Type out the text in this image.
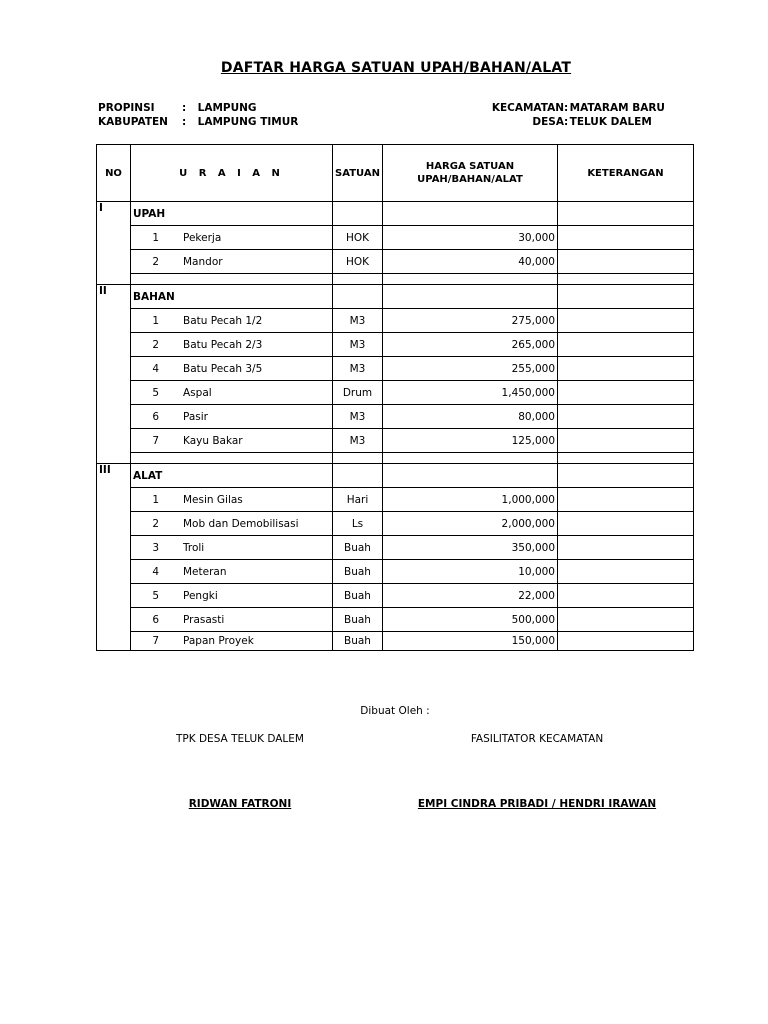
DAFTAR HARGA SATUAN UPAH/BAHAN/ALAT
PROPINSI	: LAMPUNG
KABUPATEN : LAMPUNG TIMUR
KECAMATAN: MATARAM BARU
DESA: TELUK DALEM
NO	U R A I A N	SATUAN	HARGA SATUAN
UPAH/BAHAN/ALAT	KETERANGAN
I	UPAH			
	1 Pekerja	HOK	30,000	
	2 Mandor	HOK	40,000	

II	BAHAN			
	1 Batu Pecah 1/2	M3	275,000	
	2 Batu Pecah 2/3	M3	265,000	
	4 Batu Pecah 3/5	M3	255,000	
	5 Aspal	Drum	1,450,000	
	6 Pasir	M3	80,000	
	7 Kayu Bakar	M3	125,000	

III	ALAT			
	1 Mesin Gilas	Hari	1,000,000	
	2 Mob dan Demobilisasi	Ls	2,000,000	
	3 Troli	Buah	350,000	
	4 Meteran	Buah	10,000	
	5 Pengki	Buah	22,000	
	6 Prasasti	Buah	500,000	
	7 Papan Proyek	Buah	150,000	
Dibuat Oleh :
TPK DESA TELUK DALEM	FASILITATOR KECAMATAN
RIDWAN FATRONI	EMPI CINDRA PRIBADI / HENDRI IRAWAN
